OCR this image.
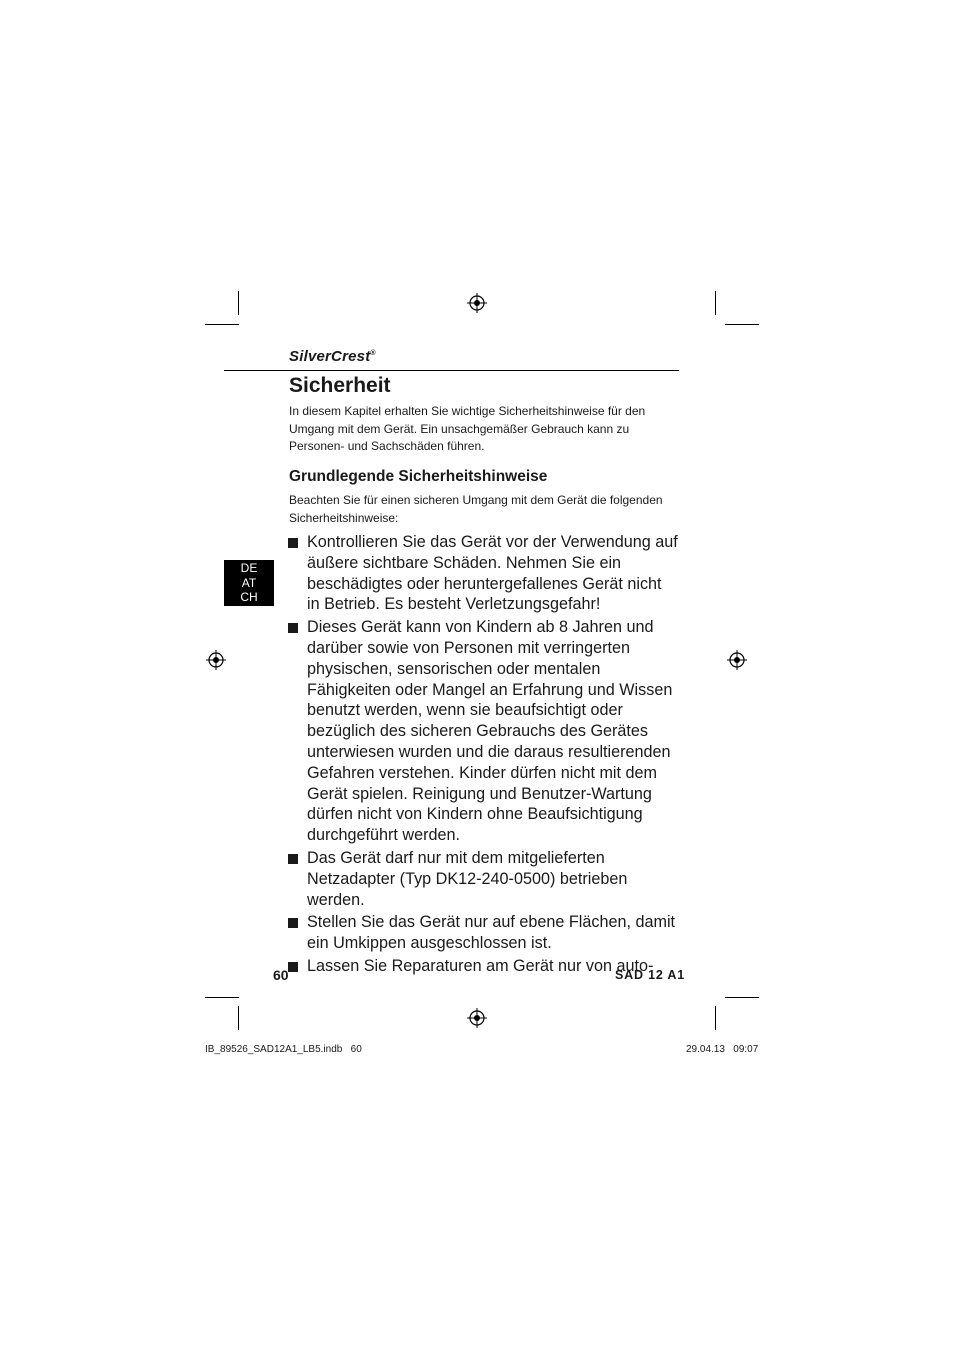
SilverCrest®
Sicherheit
In diesem Kapitel erhalten Sie wichtige Sicherheitshinweise für den Umgang mit dem Gerät. Ein unsachgemäßer Gebrauch kann zu Personen- und Sachschäden führen.
Grundlegende Sicherheitshinweise
Beachten Sie für einen sicheren Umgang mit dem Gerät die folgenden Sicherheitshinweise:
Kontrollieren Sie das Gerät vor der Verwendung auf äußere sichtbare Schäden. Nehmen Sie ein beschädigtes oder heruntergefallenes Gerät nicht in Betrieb. Es besteht Verletzungsgefahr!
Dieses Gerät kann von Kindern ab 8 Jahren und darüber sowie von Personen mit verringerten physischen, sensorischen oder mentalen Fähigkeiten oder Mangel an Erfahrung und Wissen benutzt werden, wenn sie beaufsichtigt oder bezüglich des sicheren Gebrauchs des Gerätes unterwiesen wurden und die daraus resultierenden Gefahren verstehen. Kinder dürfen nicht mit dem Gerät spielen. Reinigung und Benutzer-Wartung dürfen nicht von Kindern ohne Beaufsichtigung durchgeführt werden.
Das Gerät darf nur mit dem mitgelieferten Netzadapter (Typ DK12-240-0500) betrieben werden.
Stellen Sie das Gerät nur auf ebene Flächen, damit ein Umkippen ausgeschlossen ist.
Lassen Sie Reparaturen am Gerät nur von auto-
DE
AT
CH
60	SAD 12 A1
IB_89526_SAD12A1_LB5.indb   60	29.04.13   09:07
